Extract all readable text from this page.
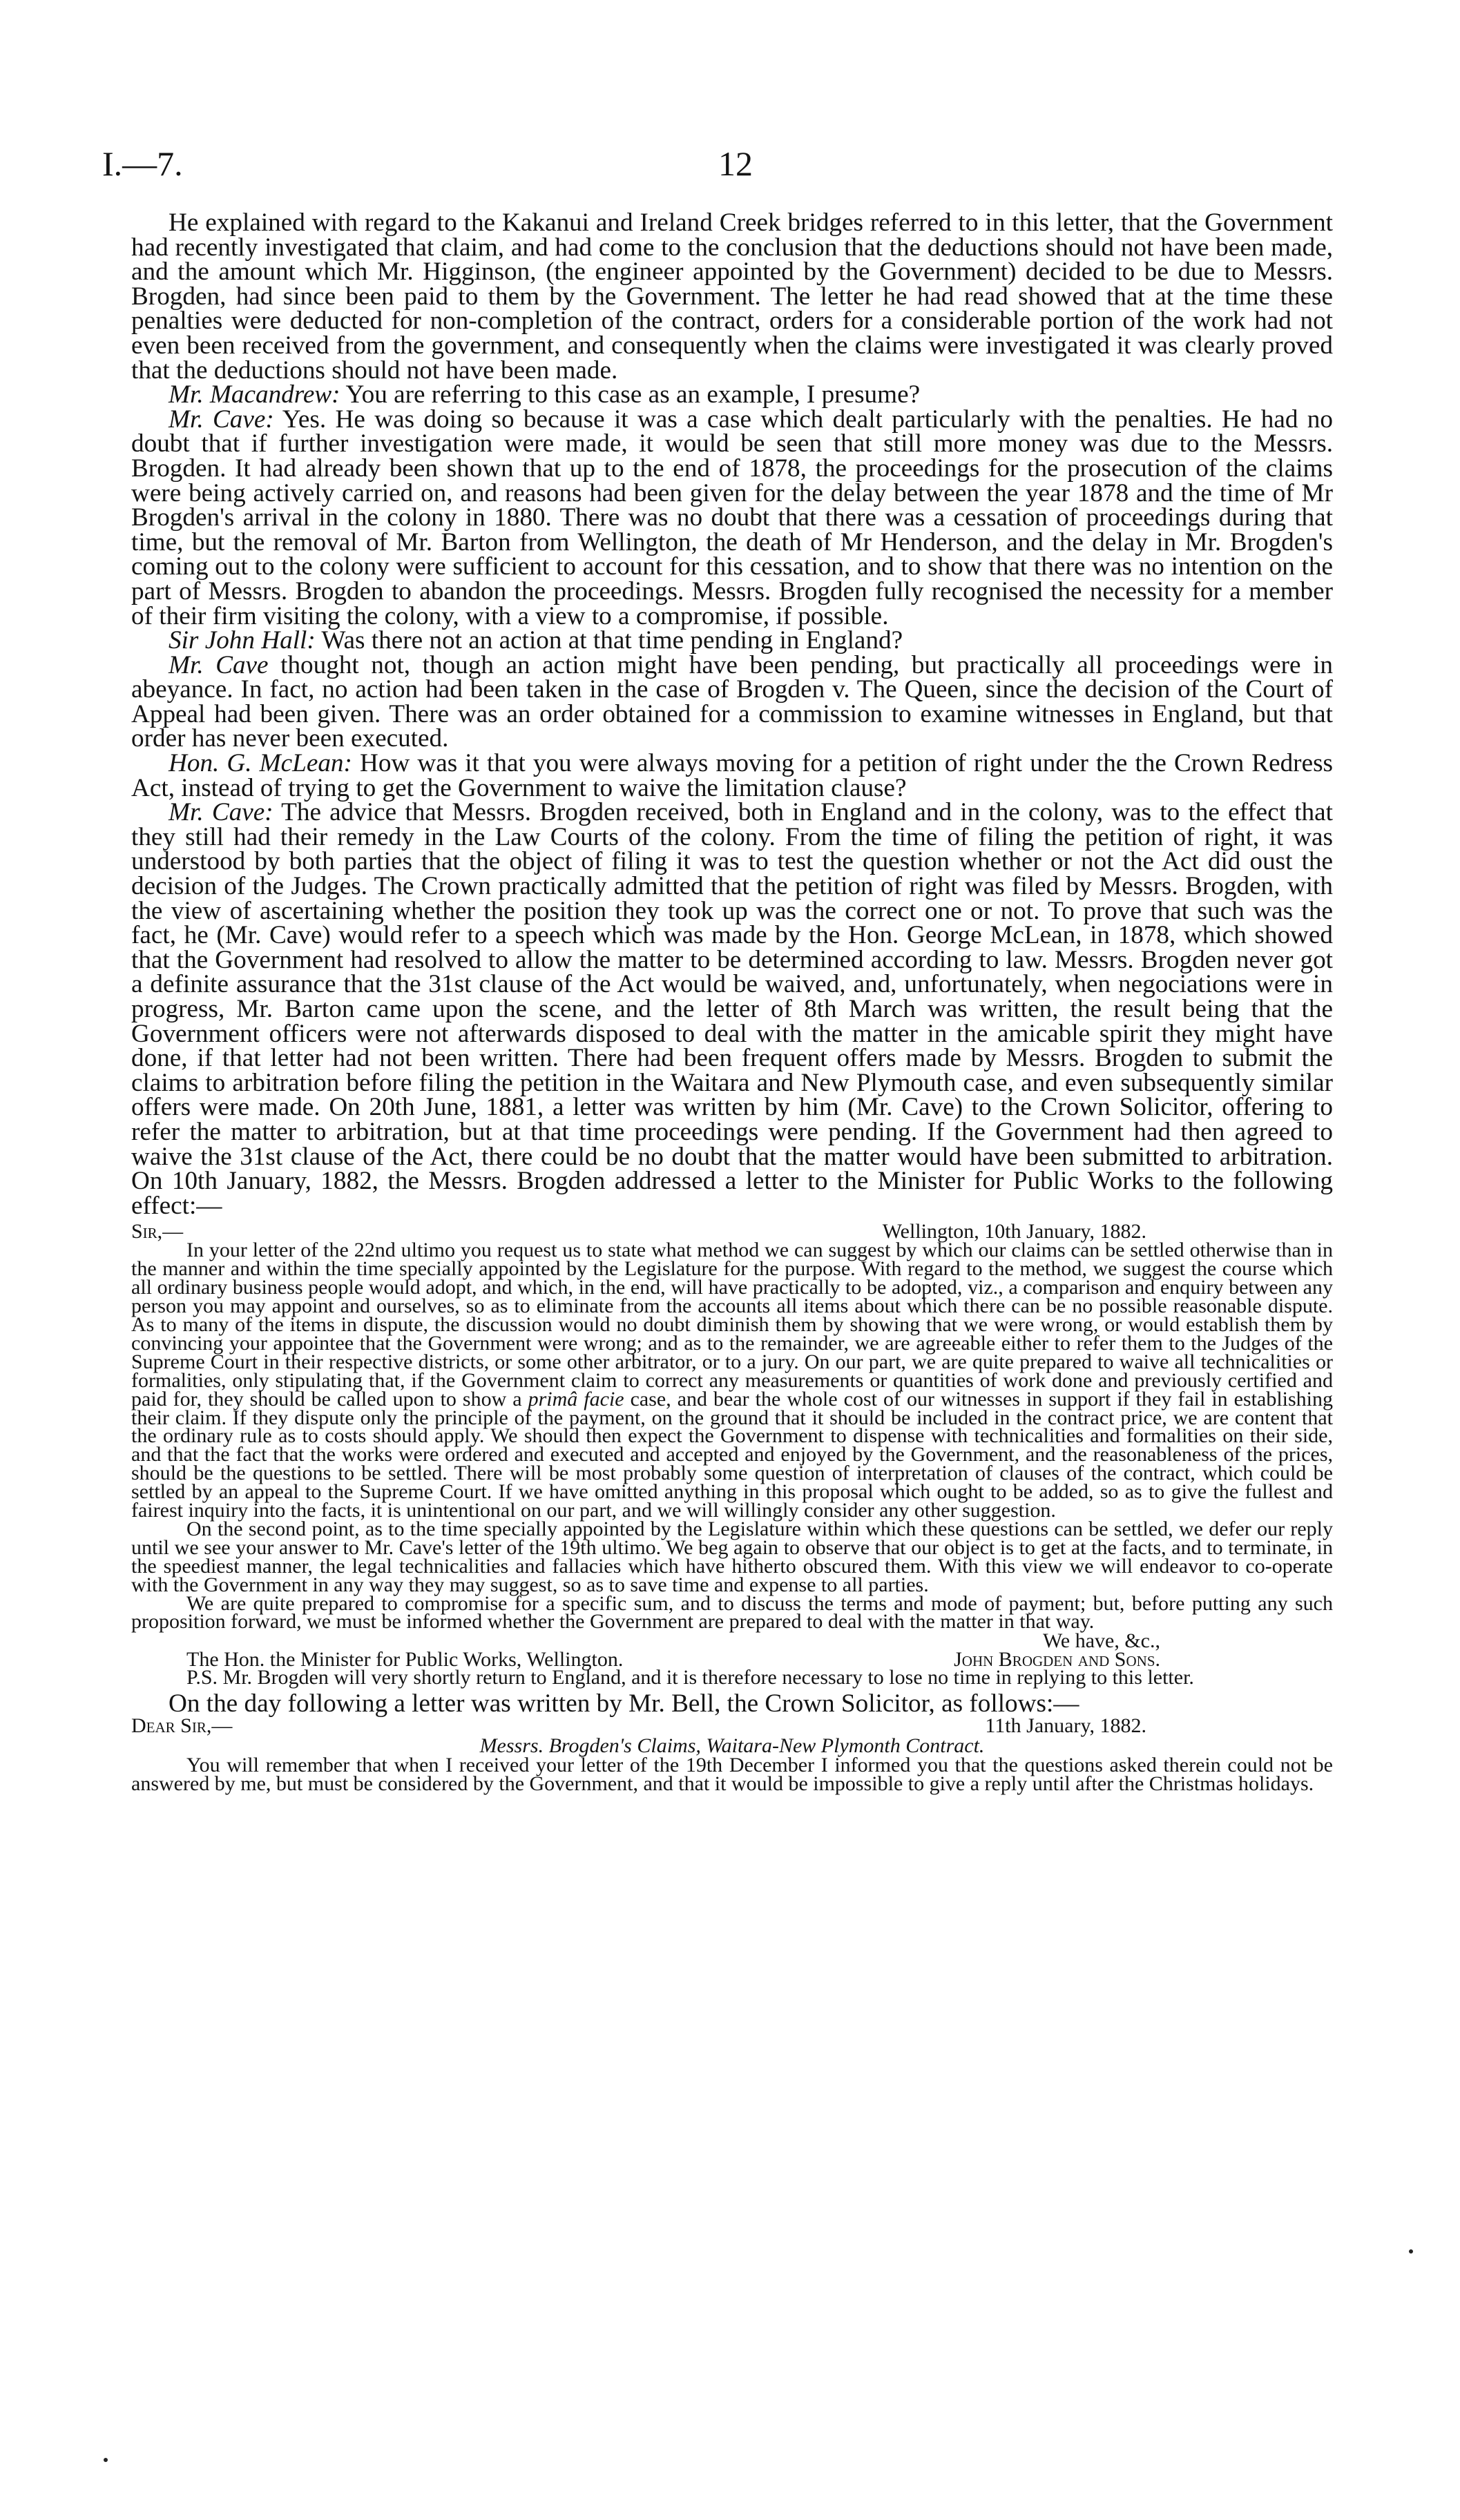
I.—7.	12

He explained with regard to the Kakanui and Ireland Creek bridges referred to in this letter, that the Government had recently investigated that claim, and had come to the conclusion that the deductions should not have been made, and the amount which Mr. Higginson, (the engineer appointed by the Government) decided to be due to Messrs. Brogden, had since been paid to them by the Government. The letter he had read showed that at the time these penalties were deducted for non-completion of the contract, orders for a considerable portion of the work had not even been received from the government, and consequently when the claims were investigated it was clearly proved that the deductions should not have been made.

Mr. Macandrew: You are referring to this case as an example, I presume?

Mr. Cave: Yes. He was doing so because it was a case which dealt particularly with the penalties. He had no doubt that if further investigation were made, it would be seen that still more money was due to the Messrs. Brogden. It had already been shown that up to the end of 1878, the proceedings for the prosecution of the claims were being actively carried on, and reasons had been given for the delay between the year 1878 and the time of Mr Brogden's arrival in the colony in 1880. There was no doubt that there was a cessation of proceedings during that time, but the removal of Mr. Barton from Wellington, the death of Mr Henderson, and the delay in Mr. Brogden's coming out to the colony were sufficient to account for this cessation, and to show that there was no intention on the part of Messrs. Brogden to abandon the proceedings. Messrs. Brogden fully recognised the necessity for a member of their firm visiting the colony, with a view to a compromise, if possible.

Sir John Hall: Was there not an action at that time pending in England?

Mr. Cave thought not, though an action might have been pending, but practically all proceedings were in abeyance. In fact, no action had been taken in the case of Brogden v. The Queen, since the decision of the Court of Appeal had been given. There was an order obtained for a commission to examine witnesses in England, but that order has never been executed.

Hon. G. McLean: How was it that you were always moving for a petition of right under the the Crown Redress Act, instead of trying to get the Government to waive the limitation clause?

Mr. Cave: The advice that Messrs. Brogden received, both in England and in the colony, was to the effect that they still had their remedy in the Law Courts of the colony. From the time of filing the petition of right, it was understood by both parties that the object of filing it was to test the question whether or not the Act did oust the decision of the Judges. The Crown practically admitted that the petition of right was filed by Messrs. Brogden, with the view of ascertaining whether the position they took up was the correct one or not. To prove that such was the fact, he (Mr. Cave) would refer to a speech which was made by the Hon. George McLean, in 1878, which showed that the Government had resolved to allow the matter to be determined according to law. Messrs. Brogden never got a definite assurance that the 31st clause of the Act would be waived, and, unfortunately, when negociations were in progress, Mr. Barton came upon the scene, and the letter of 8th March was written, the result being that the Government officers were not afterwards disposed to deal with the matter in the amicable spirit they might have done, if that letter had not been written. There had been frequent offers made by Messrs. Brogden to submit the claims to arbitration before filing the petition in the Waitara and New Plymouth case, and even subsequently similar offers were made. On 20th June, 1881, a letter was written by him (Mr. Cave) to the Crown Solicitor, offering to refer the matter to arbitration, but at that time proceedings were pending. If the Government had then agreed to waive the 31st clause of the Act, there could be no doubt that the matter would have been submitted to arbitration. On 10th January, 1882, the Messrs. Brogden addressed a letter to the Minister for Public Works to the following effect:—

Sir,—	Wellington, 10th January, 1882.

In your letter of the 22nd ultimo you request us to state what method we can suggest by which our claims can be settled otherwise than in the manner and within the time specially appointed by the Legislature for the purpose. With regard to the method, we suggest the course which all ordinary business people would adopt, and which, in the end, will have practically to be adopted, viz., a comparison and enquiry between any person you may appoint and ourselves, so as to eliminate from the accounts all items about which there can be no possible reasonable dispute. As to many of the items in dispute, the discussion would no doubt diminish them by showing that we were wrong, or would establish them by convincing your appointee that the Government were wrong; and as to the remainder, we are agreeable either to refer them to the Judges of the Supreme Court in their respective districts, or some other arbitrator, or to a jury. On our part, we are quite prepared to waive all technicalities or formalities, only stipulating that, if the Government claim to correct any measurements or quantities of work done and previously certified and paid for, they should be called upon to show a primâ facie case, and bear the whole cost of our witnesses in support if they fail in establishing their claim. If they dispute only the principle of the payment, on the ground that it should be included in the contract price, we are content that the ordinary rule as to costs should apply. We should then expect the Government to dispense with technicalities and formalities on their side, and that the fact that the works were ordered and executed and accepted and enjoyed by the Government, and the reasonableness of the prices, should be the questions to be settled. There will be most probably some question of interpretation of clauses of the contract, which could be settled by an appeal to the Supreme Court. If we have omitted anything in this proposal which ought to be added, so as to give the fullest and fairest inquiry into the facts, it is unintentional on our part, and we will willingly consider any other suggestion.

On the second point, as to the time specially appointed by the Legislature within which these questions can be settled, we defer our reply until we see your answer to Mr. Cave's letter of the 19th ultimo. We beg again to observe that our object is to get at the facts, and to terminate, in the speediest manner, the legal technicalities and fallacies which have hitherto obscured them. With this view we will endeavor to co-operate with the Government in any way they may suggest, so as to save time and expense to all parties.

We are quite prepared to compromise for a specific sum, and to discuss the terms and mode of payment; but, before putting any such proposition forward, we must be informed whether the Government are prepared to deal with the matter in that way.

We have, &c.,
The Hon. the Minister for Public Works, Wellington.	John Brogden and Sons.

P.S. Mr. Brogden will very shortly return to England, and it is therefore necessary to lose no time in replying to this letter.

On the day following a letter was written by Mr. Bell, the Crown Solicitor, as follows:—

Dear Sir,—	11th January, 1882.
Messrs. Brogden's Claims, Waitara-New Plymonth Contract.

You will remember that when I received your letter of the 19th December I informed you that the questions asked therein could not be answered by me, but must be considered by the Government, and that it would be impossible to give a reply until after the Christmas holidays.
